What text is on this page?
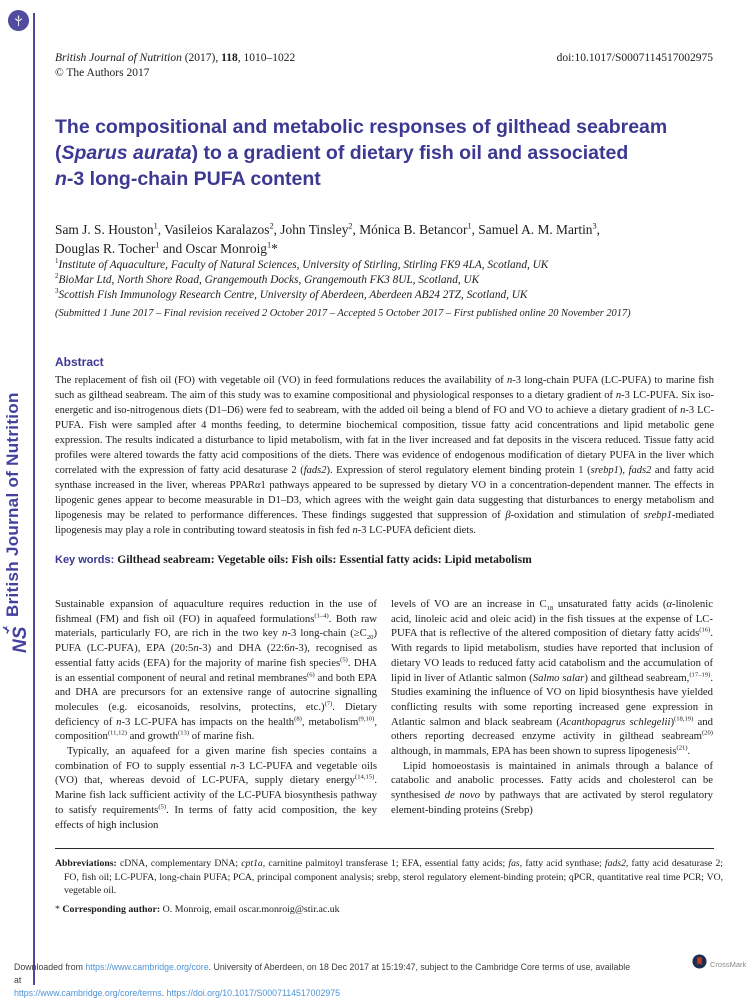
British Journal of Nutrition
NS
British Journal of Nutrition (2017), 118, 1010–1022
© The Authors 2017
doi:10.1017/S0007114517002975
The compositional and metabolic responses of gilthead seabream
(Sparus aurata) to a gradient of dietary fish oil and associated
n-3 long-chain PUFA content
Sam J. S. Houston$^1$, Vasileios Karalazos$^2$, John Tinsley$^2$, Mónica B. Betancor$^1$, Samuel A. M. Martin$^3$,
Douglas R. Tocher$^1$ and Oscar Monroig$^1$*
$^1$Institute of Aquaculture, Faculty of Natural Sciences, University of Stirling, Stirling FK9 4LA, Scotland, UK
$^2$BioMar Ltd, North Shore Road, Grangemouth Docks, Grangemouth FK3 8UL, Scotland, UK
$^3$Scottish Fish Immunology Research Centre, University of Aberdeen, Aberdeen AB24 2TZ, Scotland, UK
(Submitted 1 June 2017 – Final revision received 2 October 2017 – Accepted 5 October 2017 – First published online 20 November 2017)
Abstract
The replacement of fish oil (FO) with vegetable oil (VO) in feed formulations reduces the availability of n-3 long-chain PUFA (LC-PUFA) to marine fish such as gilthead seabream. The aim of this study was to examine compositional and physiological responses to a dietary gradient of n-3 LC-PUFA. Six iso-energetic and iso-nitrogenous diets (D1–D6) were fed to seabream, with the added oil being a blend of FO and VO to achieve a dietary gradient of n-3 LC-PUFA. Fish were sampled after 4 months feeding, to determine biochemical composition, tissue fatty acid concentrations and lipid metabolic gene expression. The results indicated a disturbance to lipid metabolism, with fat in the liver increased and fat deposits in the viscera reduced. Tissue fatty acid profiles were altered towards the fatty acid compositions of the diets. There was evidence of endogenous modification of dietary PUFA in the liver which correlated with the expression of fatty acid desaturase 2 (fads2). Expression of sterol regulatory element binding protein 1 (srebp1), fads2 and fatty acid synthase increased in the liver, whereas PPARα1 pathways appeared to be supressed by dietary VO in a concentration-dependent manner. The effects in lipogenic genes appear to become measurable in D1–D3, which agrees with the weight gain data suggesting that disturbances to energy metabolism and lipogenesis may be related to performance differences. These findings suggested that suppression of β-oxidation and stimulation of srebp1-mediated lipogenesis may play a role in contributing toward steatosis in fish fed n-3 LC-PUFA deficient diets.
Key words: Gilthead seabream: Vegetable oils: Fish oils: Essential fatty acids: Lipid metabolism

Sustainable expansion of aquaculture requires reduction in the use of fishmeal (FM) and fish oil (FO) in aquafeed formulations$^{(1-4)}$. Both raw materials, particularly FO, are rich in the two key n-3 long-chain $(\ge C_{20})$ PUFA (LC-PUFA), EPA (20:5n-3) and DHA (22:6n-3), recognised as essential fatty acids (EFA) for the majority of marine fish species$^{(5)}$. DHA is an essential component of neural and retinal membranes$^{(6)}$ and both EPA and DHA are precursors for an extensive range of autocrine signalling molecules (e.g. eicosanoids, resolvins, protectins, etc.)$^{(7)}$. Dietary deficiency of n-3 LC-PUFA has impacts on the health$^{(8)}$, metabolism$^{(9,10)}$, composition$^{(11,12)}$ and growth$^{(13)}$ of marine fish.

Typically, an aquafeed for a given marine fish species contains a combination of FO to supply essential n-3 LC-PUFA and vegetable oils (VO) that, whereas devoid of LC-PUFA, supply dietary energy$^{(14,15)}$. Marine fish lack sufficient activity of the LC-PUFA biosynthesis pathway to satisfy requirements$^{(5)}$. In terms of fatty acid composition, the key effects of high inclusion

levels of VO are an increase in $C_{18}$ unsaturated fatty acids (α-linolenic acid, linoleic acid and oleic acid) in the fish tissues at the expense of LC-PUFA that is reflective of the altered composition of dietary fatty acids$^{(16)}$. With regards to lipid metabolism, studies have reported that inclusion of dietary VO leads to reduced fatty acid catabolism and the accumulation of lipid in liver of Atlantic salmon (Salmo salar) and gilthead seabream,$^{(17-19)}$. Studies examining the influence of VO on lipid biosynthesis have yielded conflicting results with some reporting increased gene expression in Atlantic salmon and black seabream (Acanthopagrus schlegelii)$^{(18,19)}$ and others reporting decreased enzyme activity in gilthead seabream$^{(20)}$ although, in mammals, EPA has been shown to supress lipogenesis$^{(21)}$.

Lipid homoeostasis is maintained in animals through a balance of catabolic and anabolic processes. Fatty acids and cholesterol can be synthesised de novo by pathways that are activated by sterol regulatory element-binding proteins (Srebp)

Abbreviations: cDNA, complementary DNA; cpt1a, carnitine palmitoyl transferase 1; EFA, essential fatty acids; fas, fatty acid synthase; fads2, fatty acid desaturase 2; FO, fish oil; LC-PUFA, long-chain PUFA; PCA, principal component analysis; srebp, sterol regulatory element-binding protein; qPCR, quantitative real time PCR; VO, vegetable oil.
* Corresponding author: O. Monroig, email oscar.monroig@stir.ac.uk
Downloaded from https://www.cambridge.org/core. University of Aberdeen, on 18 Dec 2017 at 15:19:47, subject to the Cambridge Core terms of use, available at
https://www.cambridge.org/core/terms. https://doi.org/10.1017/S0007114517002975
CrossMark
